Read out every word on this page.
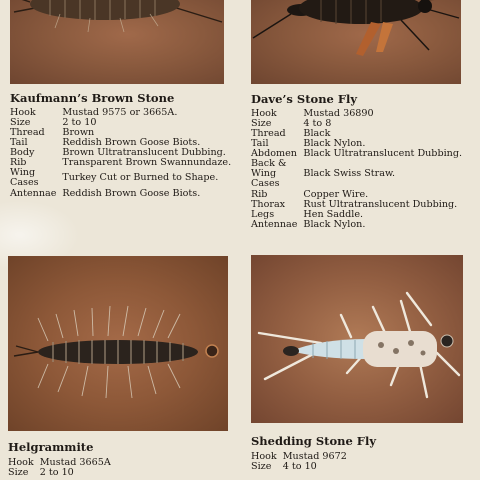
Kaufmann’s Brown Stone
Hook	Mustad 9575 or 3665A.
Size	2 to 10
Thread	Brown
Tail	Reddish Brown Goose Biots.
Body	Brown Ultratranslucent Dubbing.
Rib	Transparent Brown Swannundaze.
Wing
Cases	Turkey Cut or Burned to Shape.
Antennae	Reddish Brown Goose Biots.
Dave’s Stone Fly
Hook	Mustad 36890
Size	4 to 8
Thread	Black
Tail	Black Nylon.
Abdomen	Black Ultratranslucent Dubbing.
Back &
Wing
Cases	Black Swiss Straw.
Rib	Copper Wire.
Thorax	Rust Ultratranslucent Dubbing.
Legs	Hen Saddle.
Antennae	Black Nylon.
Helgrammite
Hook	Mustad 3665A
Size	2 to 10
Shedding Stone Fly
Hook	Mustad 9672
Size	4 to 10
